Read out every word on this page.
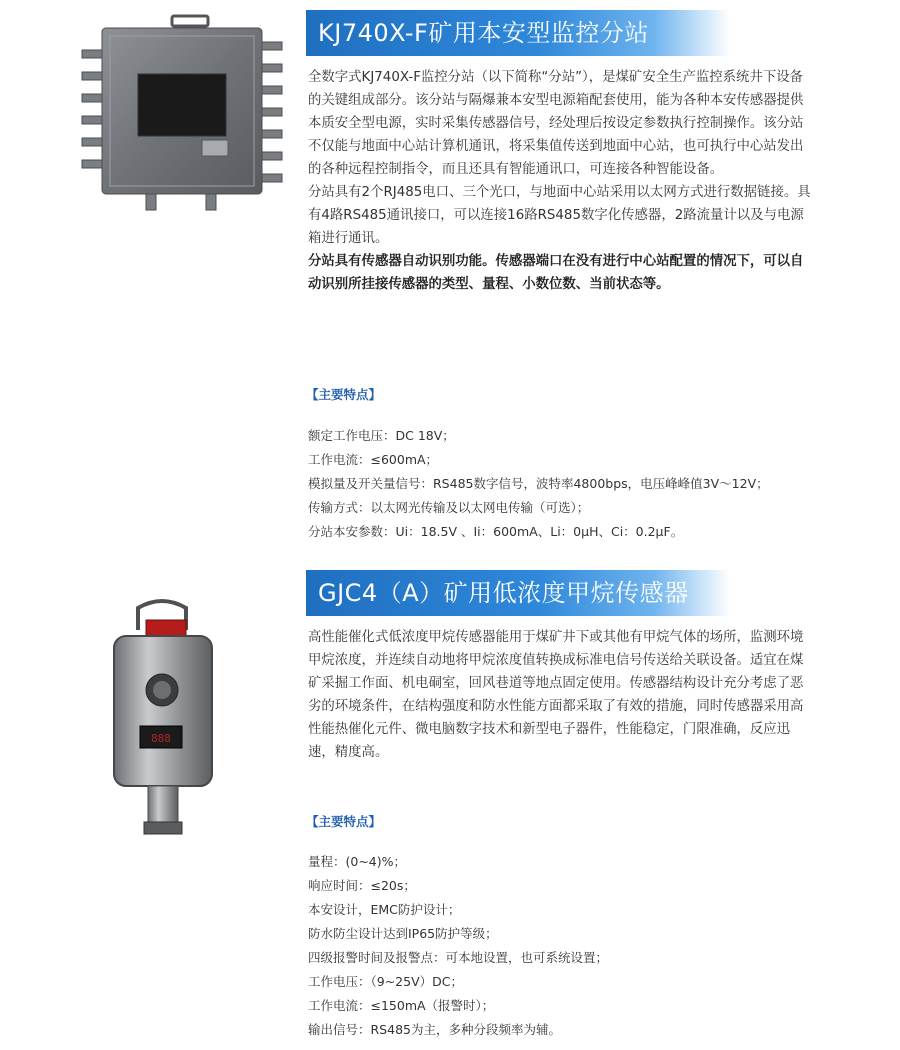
KJ740X-F矿用本安型监控分站

全数字式KJ740X-F监控分站（以下简称“分站”），是煤矿安全生产监控系统井下设备的关键组成部分。该分站与隔爆兼本安型电源箱配套使用，能为各种本安传感器提供本质安全型电源，实时采集传感器信号，经处理后按设定参数执行控制操作。该分站不仅能与地面中心站计算机通讯，将采集值传送到地面中心站，也可执行中心站发出的各种远程控制指令，而且还具有智能通讯口，可连接各种智能设备。

分站具有2个RJ485电口、三个光口，与地面中心站采用以太网方式进行数据链接。具有4路RS485通讯接口，可以连接16路RS485数字化传感器，2路流量计以及与电源箱进行通讯。

分站具有传感器自动识别功能。传感器端口在没有进行中心站配置的情况下，可以自动识别所挂接传感器的类型、量程、小数位数、当前状态等。

【主要特点】
额定工作电压：DC 18V；
工作电流：≤600mA；
模拟量及开关量信号：RS485数字信号，波特率4800bps，电压峰峰值3V～12V；
传输方式：以太网光传输及以太网电传输（可选）；
分站本安参数：Ui：18.5V 、Ii：600mA、Li：0μH、Ci：0.2μF。
888
GJC4（A）矿用低浓度甲烷传感器

高性能催化式低浓度甲烷传感器能用于煤矿井下或其他有甲烷气体的场所，监测环境甲烷浓度，并连续自动地将甲烷浓度值转换成标准电信号传送给关联设备。适宜在煤矿采掘工作面、机电硐室，回风巷道等地点固定使用。传感器结构设计充分考虑了恶劣的环境条件，在结构强度和防水性能方面都采取了有效的措施，同时传感器采用高性能热催化元件、微电脑数字技术和新型电子器件，性能稳定，门限准确，反应迅速，精度高。

【主要特点】
量程：(0~4)%；
响应时间：≤20s；
本安设计，EMC防护设计；
防水防尘设计达到IP65防护等级；
四级报警时间及报警点：可本地设置，也可系统设置；
工作电压：（9~25V）DC；
工作电流：≤150mA（报警时）；
输出信号：RS485为主，多种分段频率为辅。
